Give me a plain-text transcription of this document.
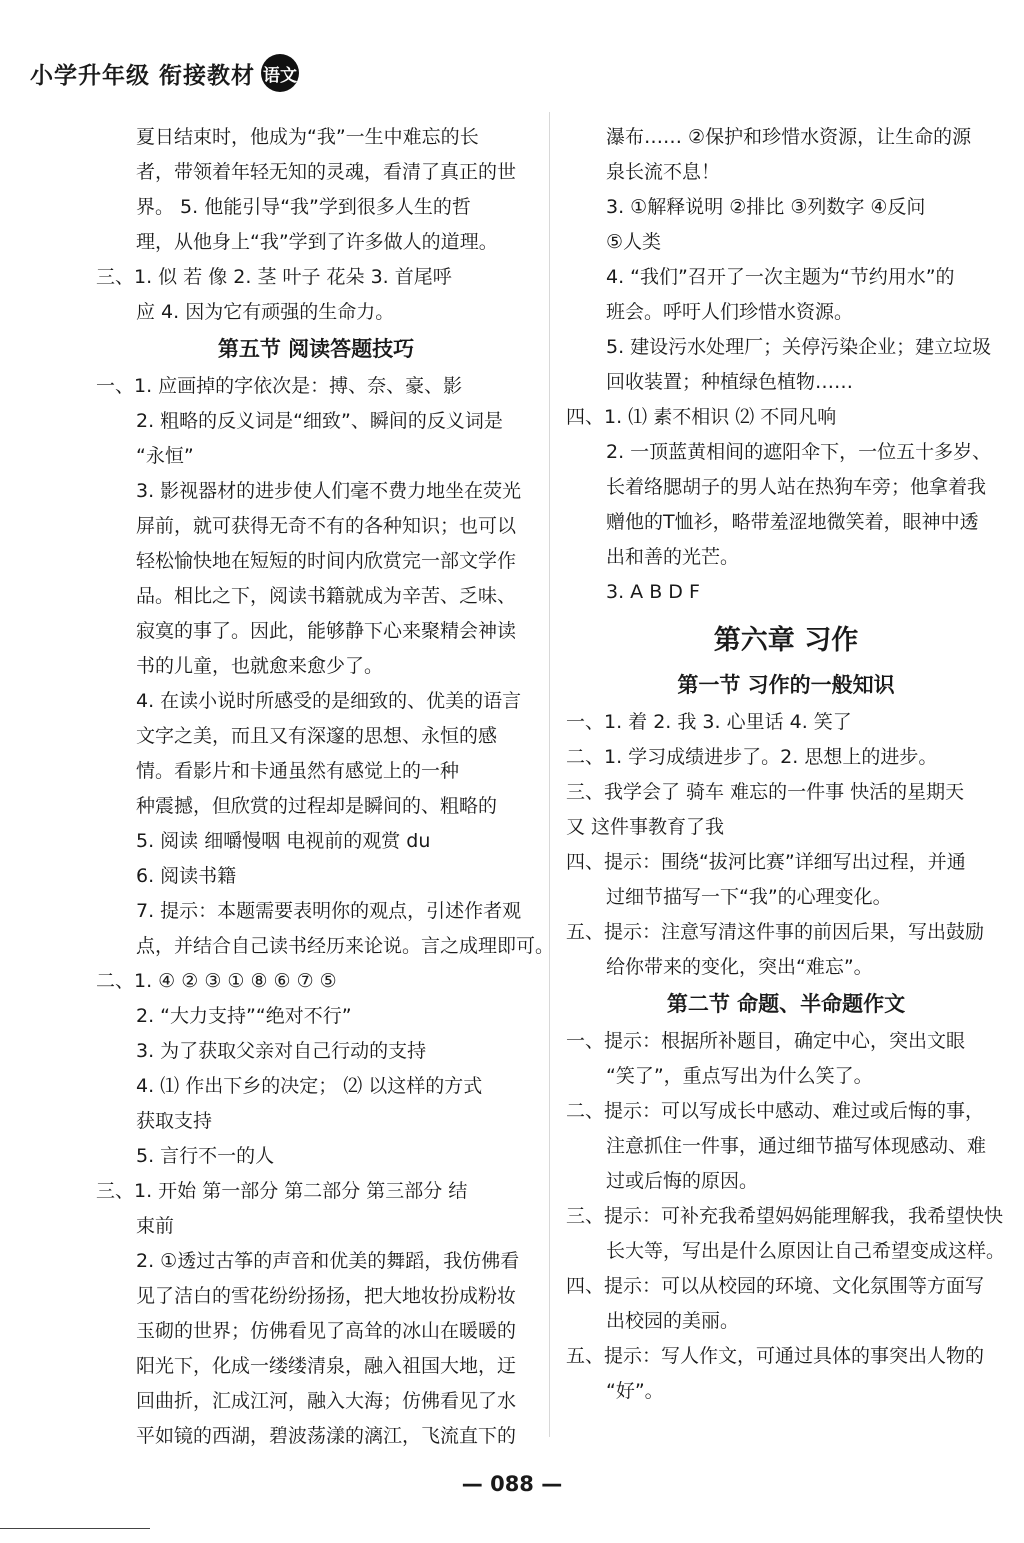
小学升年级 衔接教材 语文
夏日结束时，他成为“我”一生中难忘的长
者，带领着年轻无知的灵魂，看清了真正的世
界。 5. 他能引导“我”学到很多人生的哲
理，从他身上“我”学到了许多做人的道理。
三、1. 似 若 像 2. 茎 叶子 花朵 3. 首尾呼
应 4. 因为它有顽强的生命力。
第五节 阅读答题技巧
一、1. 应画掉的字依次是：搏、奈、豪、影
2. 粗略的反义词是“细致”、瞬间的反义词是
“永恒”
3. 影视器材的进步使人们毫不费力地坐在荧光
屏前，就可获得无奇不有的各种知识；也可以
轻松愉快地在短短的时间内欣赏完一部文学作
品。相比之下，阅读书籍就成为辛苦、乏味、
寂寞的事了。因此，能够静下心来聚精会神读
书的儿童，也就愈来愈少了。
4. 在读小说时所感受的是细致的、优美的语言
文字之美，而且又有深邃的思想、永恒的感
情。看影片和卡通虽然有感觉上的一种
种震撼，但欣赏的过程却是瞬间的、粗略的
5. 阅读 细嚼慢咽 电视前的观赏 du
6. 阅读书籍
7. 提示：本题需要表明你的观点，引述作者观
点，并结合自己读书经历来论说。言之成理即可。
二、1. ④ ② ③ ① ⑧ ⑥ ⑦ ⑤
2. “大力支持”“绝对不行”
3. 为了获取父亲对自己行动的支持
4. ⑴ 作出下乡的决定； ⑵ 以这样的方式
获取支持
5. 言行不一的人
三、1. 开始 第一部分 第二部分 第三部分 结
束前
2. ①透过古筝的声音和优美的舞蹈，我仿佛看
见了洁白的雪花纷纷扬扬，把大地妆扮成粉妆
玉砌的世界；仿佛看见了高耸的冰山在暖暖的
阳光下，化成一缕缕清泉，融入祖国大地，迂
回曲折，汇成江河，融入大海；仿佛看见了水
平如镜的西湖，碧波荡漾的漓江，飞流直下的
瀑布…… ②保护和珍惜水资源，让生命的源
泉长流不息！
3. ①解释说明 ②排比 ③列数字 ④反问
⑤人类
4. “我们”召开了一次主题为“节约用水”的
班会。呼吁人们珍惜水资源。
5. 建设污水处理厂；关停污染企业；建立垃圾
回收装置；种植绿色植物……
四、1. ⑴ 素不相识 ⑵ 不同凡响
2. 一顶蓝黄相间的遮阳伞下，一位五十多岁、
长着络腮胡子的男人站在热狗车旁；他拿着我
赠他的T恤衫，略带羞涩地微笑着，眼神中透
出和善的光芒。
3. A B D F
第六章 习作
第一节 习作的一般知识
一、1. 着 2. 我 3. 心里话 4. 笑了
二、1. 学习成绩进步了。2. 思想上的进步。
三、我学会了 骑车 难忘的一件事 快活的星期天
又 这件事教育了我
四、提示：围绕“拔河比赛”详细写出过程，并通
过细节描写一下“我”的心理变化。
五、提示：注意写清这件事的前因后果，写出鼓励
给你带来的变化，突出“难忘”。
第二节 命题、半命题作文
一、提示：根据所补题目，确定中心，突出文眼
“笑了”，重点写出为什么笑了。
二、提示：可以写成长中感动、难过或后悔的事，
注意抓住一件事，通过细节描写体现感动、难
过或后悔的原因。
三、提示：可补充我希望妈妈能理解我，我希望快快
长大等，写出是什么原因让自己希望变成这样。
四、提示：可以从校园的环境、文化氛围等方面写
出校园的美丽。
五、提示：写人作文，可通过具体的事突出人物的
“好”。
— 088 —
